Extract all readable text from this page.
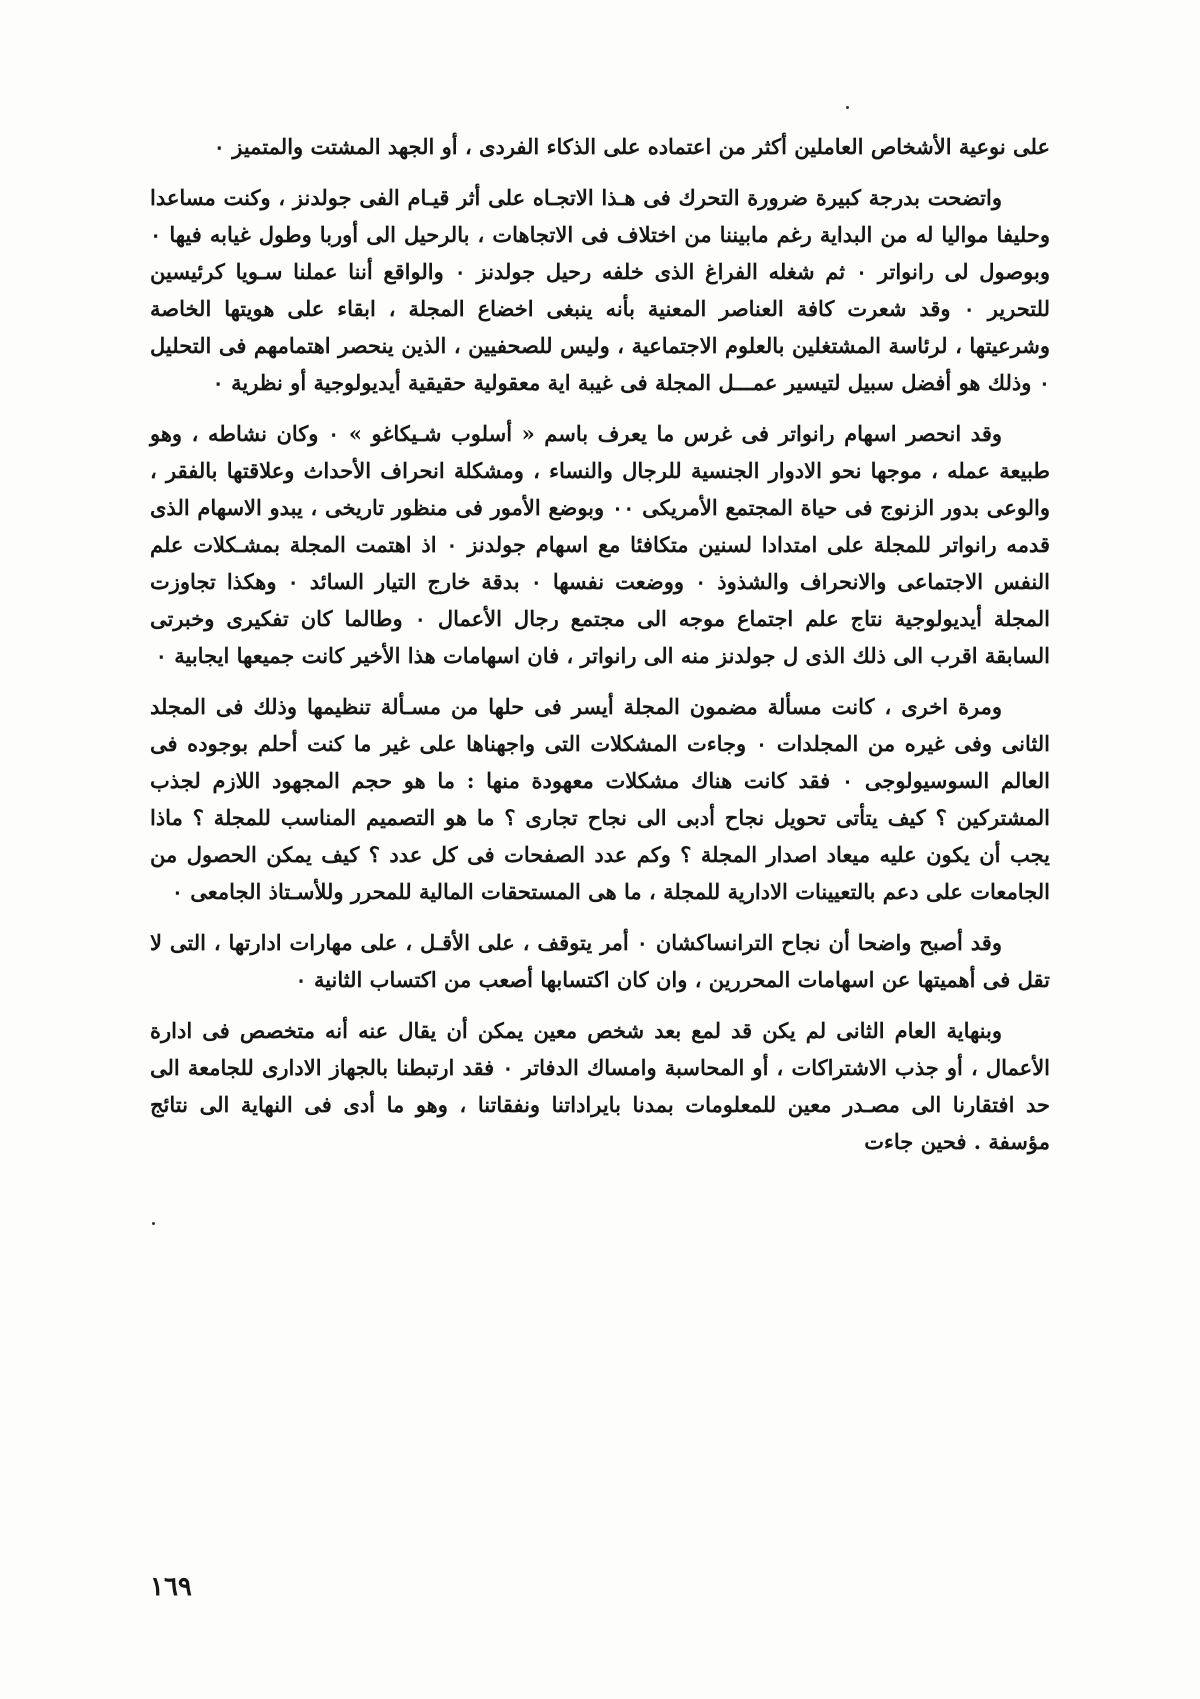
على نوعية الأشخاص العاملين أكثر من اعتماده على الذكاء الفردى ، أو الجهد المشتت والمتميز ٠

واتضحت بدرجة كبيرة ضرورة التحرك فى هـذا الاتجـاه على أثر قيـام الفى جولدنز ، وكنت مساعدا وحليفا مواليا له من البداية رغم مابيننا من اختلاف فى الاتجاهات ، بالرحيل الى أوربا وطول غيابه فيها ٠ وبوصول لى رانواتر ٠ ثم شغله الفراغ الذى خلفه رحيل جولدنز ٠ والواقع أننا عملنا سـويا كرئيسين للتحرير ٠ وقد شعرت كافة العناصر المعنية بأنه ينبغى اخضاع المجلة ، ابقاء على هويتها الخاصة وشرعيتها ، لرئاسة المشتغلين بالعلوم الاجتماعية ، وليس للصحفيين ، الذين ينحصر اهتمامهم فى التحليل ٠ وذلك هو أفضل سبيل لتيسير عمـــل المجلة فى غيبة اية معقولية حقيقية أيديولوجية أو نظرية ٠

وقد انحصر اسهام رانواتر فى غرس ما يعرف باسم « أسلوب شـيكاغو » ٠ وكان نشاطه ، وهو طبيعة عمله ، موجها نحو الادوار الجنسية للرجال والنساء ، ومشكلة انحراف الأحداث وعلاقتها بالفقر ، والوعى بدور الزنوج فى حياة المجتمع الأمريكى ٠٠ وبوضع الأمور فى منظور تاريخى ، يبدو الاسهام الذى قدمه رانواتر للمجلة على امتدادا لسنين متكافئا مع اسهام جولدنز ٠ اذ اهتمت المجلة بمشـكلات علم النفس الاجتماعى والانحراف والشذوذ ٠ ووضعت نفسها ٠ بدقة خارج التيار السائد ٠ وهكذا تجاوزت المجلة أيديولوجية نتاج علم اجتماع موجه الى مجتمع رجال الأعمال ٠ وطالما كان تفكيرى وخبرتى السابقة اقرب الى ذلك الذى ل جولدنز منه الى رانواتر ، فان اسهامات هذا الأخير كانت جميعها ايجابية ٠

ومرة اخرى ، كانت مسألة مضمون المجلة أيسر فى حلها من مسـألة تنظيمها وذلك فى المجلد الثانى وفى غيره من المجلدات ٠ وجاءت المشكلات التى واجهناها على غير ما كنت أحلم بوجوده فى العالم السوسيولوجى ٠ فقد كانت هناك مشكلات معهودة منها : ما هو حجم المجهود اللازم لجذب المشتركين ؟ كيف يتأتى تحويل نجاح أدبى الى نجاح تجارى ؟ ما هو التصميم المناسب للمجلة ؟ ماذا يجب أن يكون عليه ميعاد اصدار المجلة ؟ وكم عدد الصفحات فى كل عدد ؟ كيف يمكن الحصول من الجامعات على دعم بالتعيينات الادارية للمجلة ، ما هى المستحقات المالية للمحرر وللأسـتاذ الجامعى ٠

وقد أصبح واضحا أن نجاح الترانساكشان ٠ أمر يتوقف ، على الأقـل ، على مهارات ادارتها ، التى لا تقل فى أهميتها عن اسهامات المحررين ، وان كان اكتسابها أصعب من اكتساب الثانية ٠

وبنهاية العام الثانى لم يكن قد لمع بعد شخص معين يمكن أن يقال عنه أنه متخصص فى ادارة الأعمال ، أو جذب الاشتراكات ، أو المحاسبة وامساك الدفاتر ٠ فقد ارتبطنا بالجهاز الادارى للجامعة الى حد افتقارنا الى مصـدر معين للمعلومات بمدنا بايراداتنا ونفقاتنا ، وهو ما أدى فى النهاية الى نتائج مؤسفة . فحين جاءت

١٦٩
